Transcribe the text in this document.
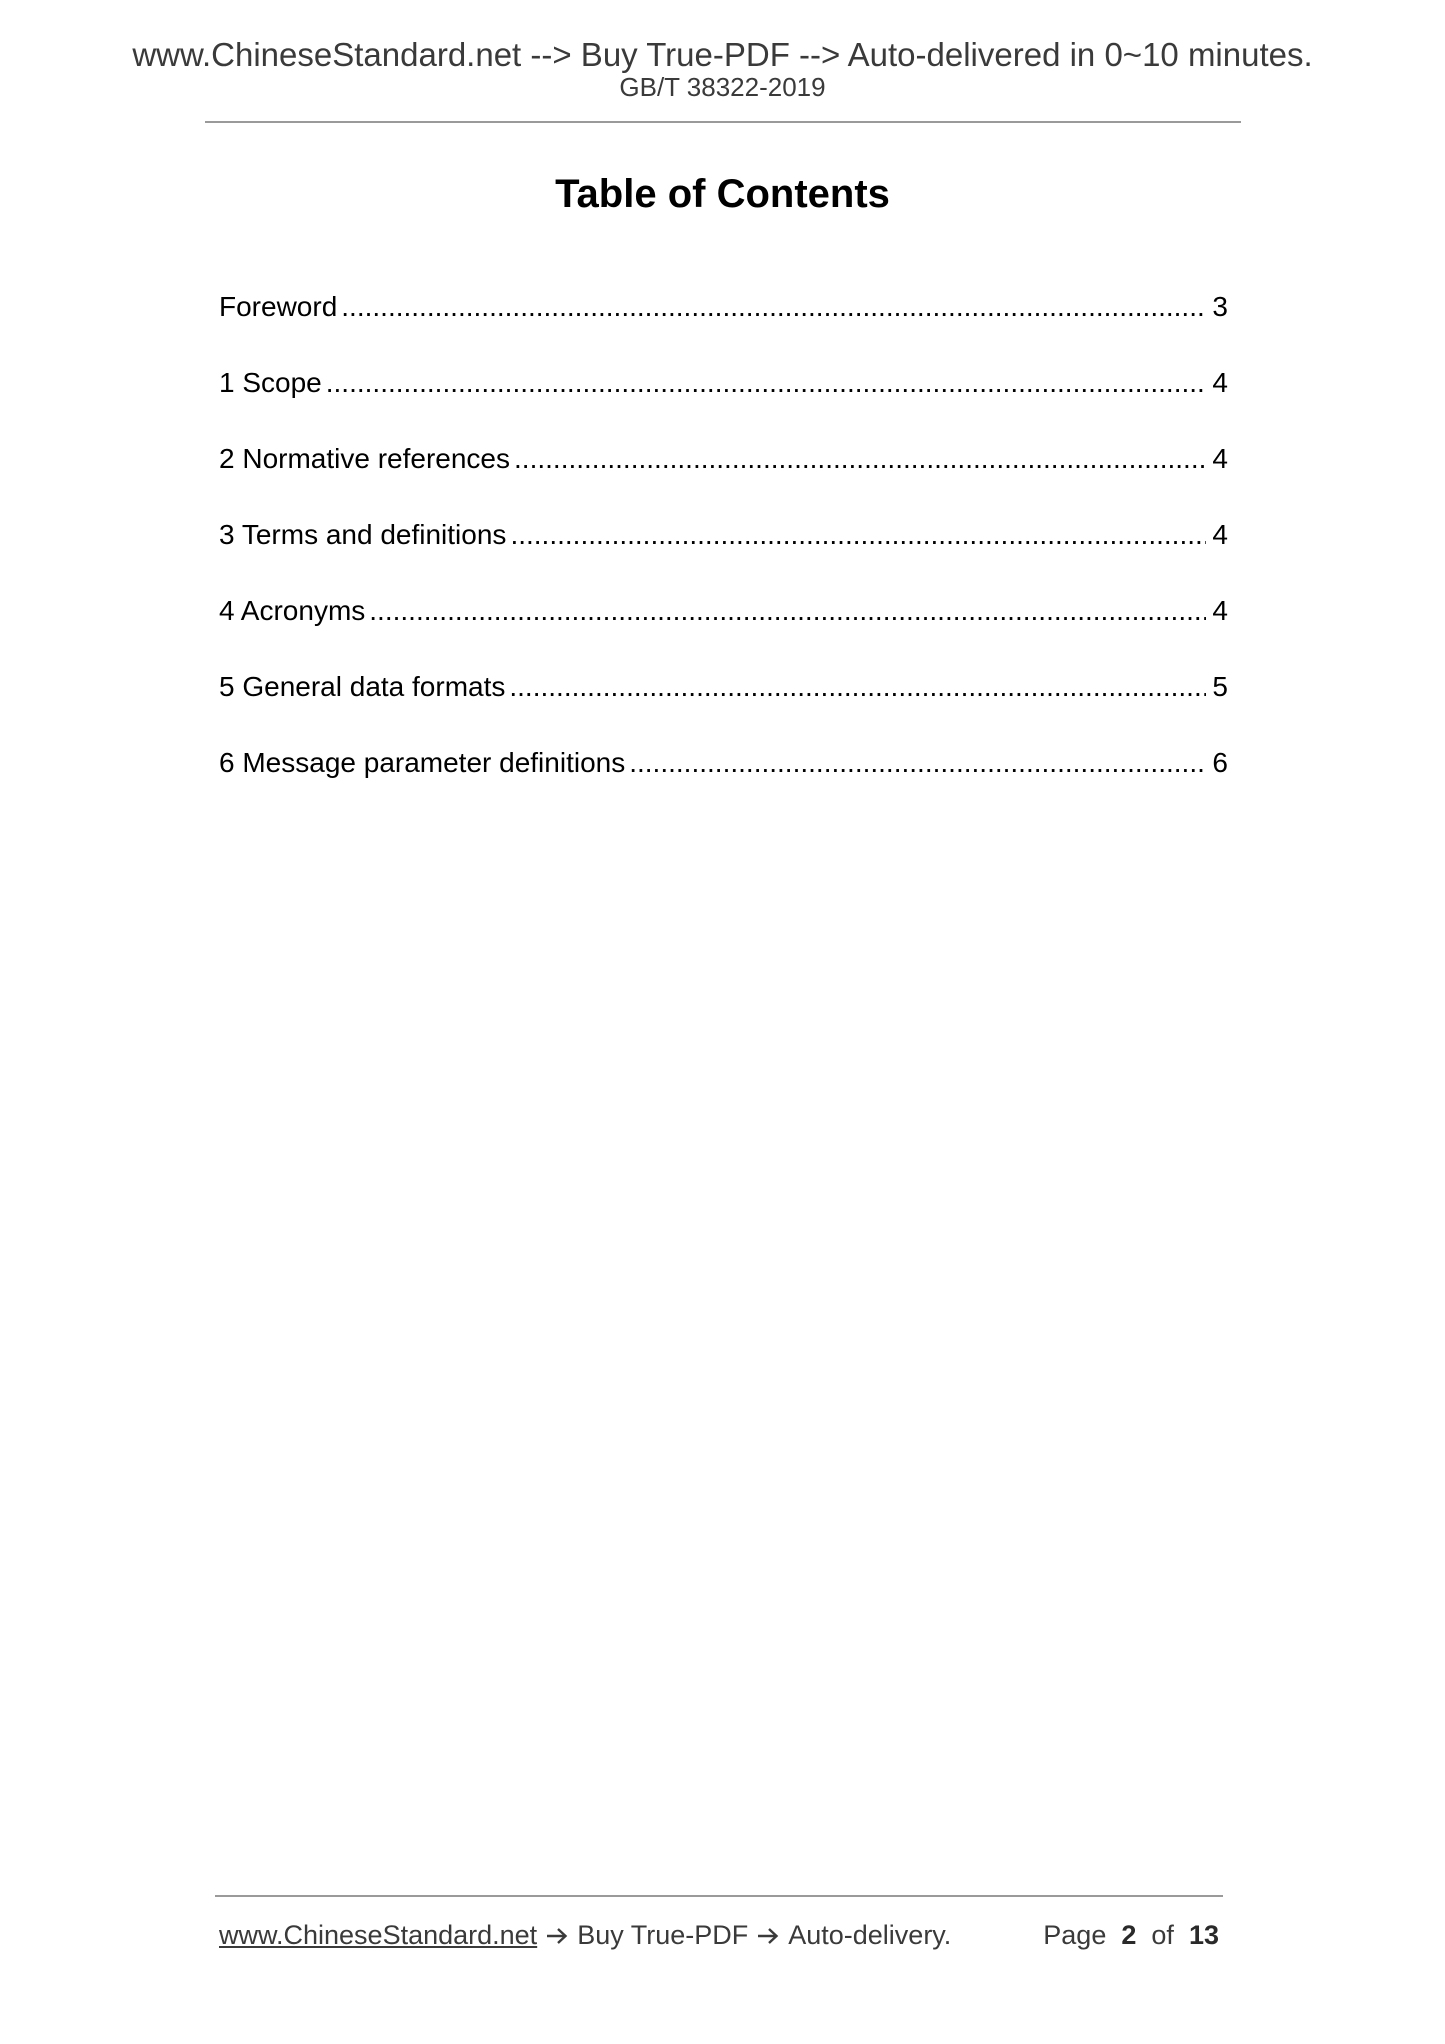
www.ChineseStandard.net --> Buy True-PDF --> Auto-delivered in 0~10 minutes.
GB/T 38322-2019
Table of Contents
Foreword .....	3
1 Scope .....	4
2 Normative references .....	4
3 Terms and definitions .....	4
4 Acronyms .....	4
5 General data formats .....	5
6 Message parameter definitions .....	6
www.ChineseStandard.net Buy True-PDF Auto-delivery.	Page 2 of 13
